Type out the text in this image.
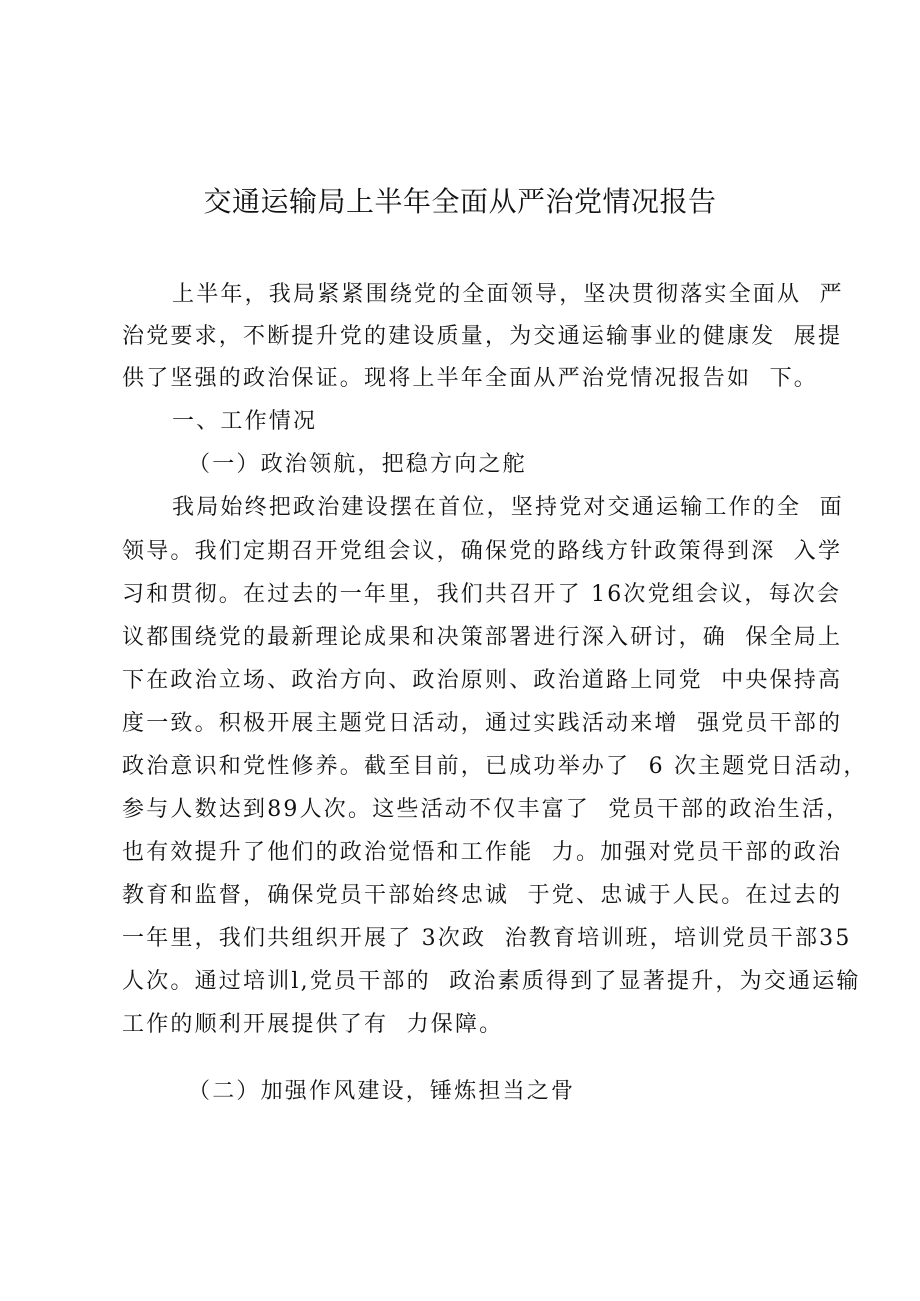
交通运输局上半年全面从严治党情况报告
上半年，我局紧紧围绕党的全面领导，坚决贯彻落实全面从  严
治党要求，不断提升党的建设质量，为交通运输事业的健康发  展提
供了坚强的政治保证。现将上半年全面从严治党情况报告如  下。
一、工作情况
（一）政治领航，把稳方向之舵
我局始终把政治建设摆在首位，坚持党对交通运输工作的全  面
领导。我们定期召开党组会议，确保党的路线方针政策得到深  入学
习和贯彻。在过去的一年里，我们共召开了 16次党组会议，每次会
议都围绕党的最新理论成果和决策部署进行深入研讨，确  保全局上
下在政治立场、政治方向、政治原则、政治道路上同党  中央保持高
度一致。积极开展主题党日活动，通过实践活动来增  强党员干部的
政治意识和党性修养。截至目前，已成功举办了  6 次主题党日活动，
参与人数达到89人次。这些活动不仅丰富了  党员干部的政治生活，
也有效提升了他们的政治觉悟和工作能  力。加强对党员干部的政治
教育和监督，确保党员干部始终忠诚  于党、忠诚于人民。在过去的
一年里，我们共组织开展了 3次政  治教育培训班，培训党员干部35
人次。通过培训l,党员干部的  政治素质得到了显著提升，为交通运输
工作的顺利开展提供了有  力保障。
（二）加强作风建设，锤炼担当之骨
